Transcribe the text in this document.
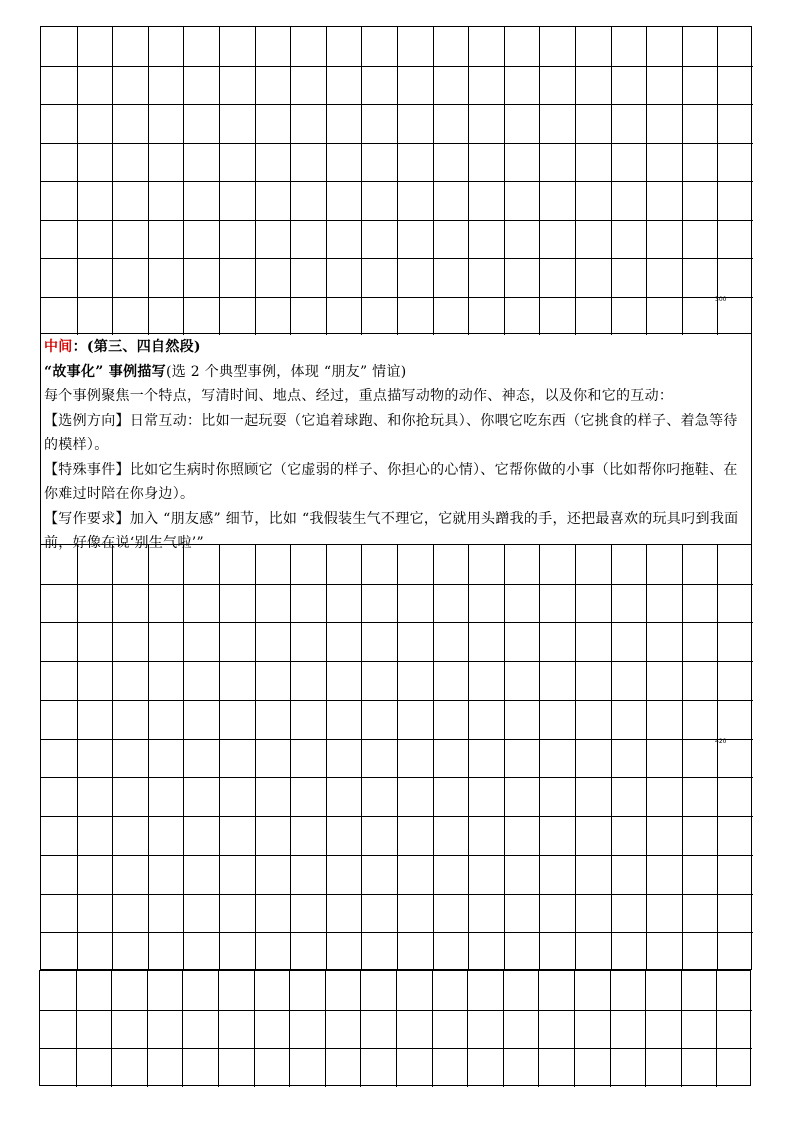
300

中间：(第三、四自然段)

“故事化” 事例描写(选 2 个典型事例，体现 “朋友” 情谊)

每个事例聚焦一个特点，写清时间、地点、经过，重点描写动物的动作、神态，以及你和它的互动：

【选例方向】日常互动：比如一起玩耍（它追着球跑、和你抢玩具）、你喂它吃东西（它挑食的样子、着急等待的模样）。

【特殊事件】比如它生病时你照顾它（它虚弱的样子、你担心的心情）、它帮你做的小事（比如帮你叼拖鞋、在你难过时陪在你身边）。

【写作要求】加入 “朋友感” 细节，比如 “我假装生气不理它，它就用头蹭我的手，还把最喜欢的玩具叼到我面前，好像在说‘别生气啦’”

420
